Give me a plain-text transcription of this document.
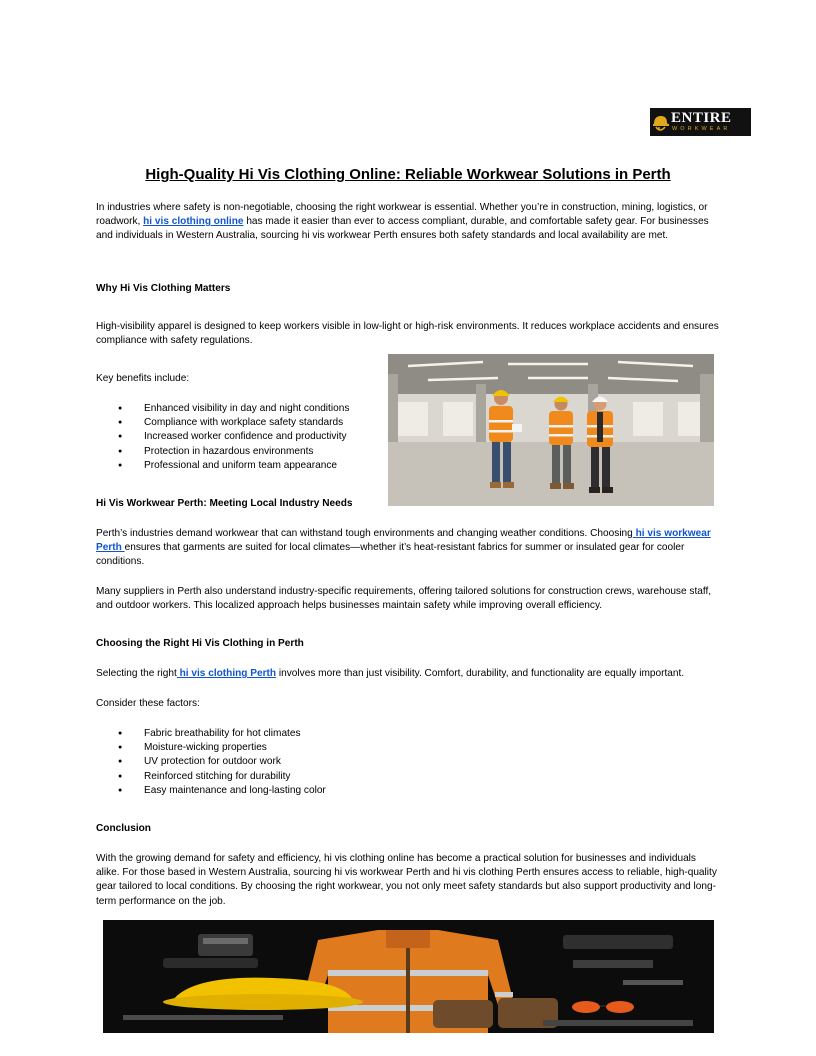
ENTIRE
WORKWEAR
High-Quality Hi Vis Clothing Online: Reliable Workwear Solutions in Perth
In industries where safety is non-negotiable, choosing the right workwear is essential. Whether you’re in construction, mining, logistics, or roadwork, hi vis clothing online has made it easier than ever to access compliant, durable, and comfortable safety gear. For businesses and individuals in Western Australia, sourcing hi vis workwear Perth ensures both safety standards and local availability are met.
Why Hi Vis Clothing Matters
High-visibility apparel is designed to keep workers visible in low-light or high-risk environments. It reduces workplace accidents and ensures compliance with safety regulations.
Key benefits include:
● Enhanced visibility in day and night conditions
● Compliance with workplace safety standards
● Increased worker confidence and productivity
● Protection in hazardous environments
● Professional and uniform team appearance
Hi Vis Workwear Perth: Meeting Local Industry Needs
Perth’s industries demand workwear that can withstand tough environments and changing weather conditions. Choosing hi vis workwear Perth ensures that garments are suited for local climates—whether it’s heat-resistant fabrics for summer or insulated gear for cooler conditions.
Many suppliers in Perth also understand industry-specific requirements, offering tailored solutions for construction crews, warehouse staff, and outdoor workers. This localized approach helps businesses maintain safety while improving overall efficiency.
Choosing the Right Hi Vis Clothing in Perth
Selecting the right hi vis clothing Perth involves more than just visibility. Comfort, durability, and functionality are equally important.
Consider these factors:
● Fabric breathability for hot climates
● Moisture-wicking properties
● UV protection for outdoor work
● Reinforced stitching for durability
● Easy maintenance and long-lasting color
Conclusion
With the growing demand for safety and efficiency, hi vis clothing online has become a practical solution for businesses and individuals alike. For those based in Western Australia, sourcing hi vis workwear Perth and hi vis clothing Perth ensures access to reliable, high-quality gear tailored to local conditions. By choosing the right workwear, you not only meet safety standards but also support productivity and long-term performance on the job.
